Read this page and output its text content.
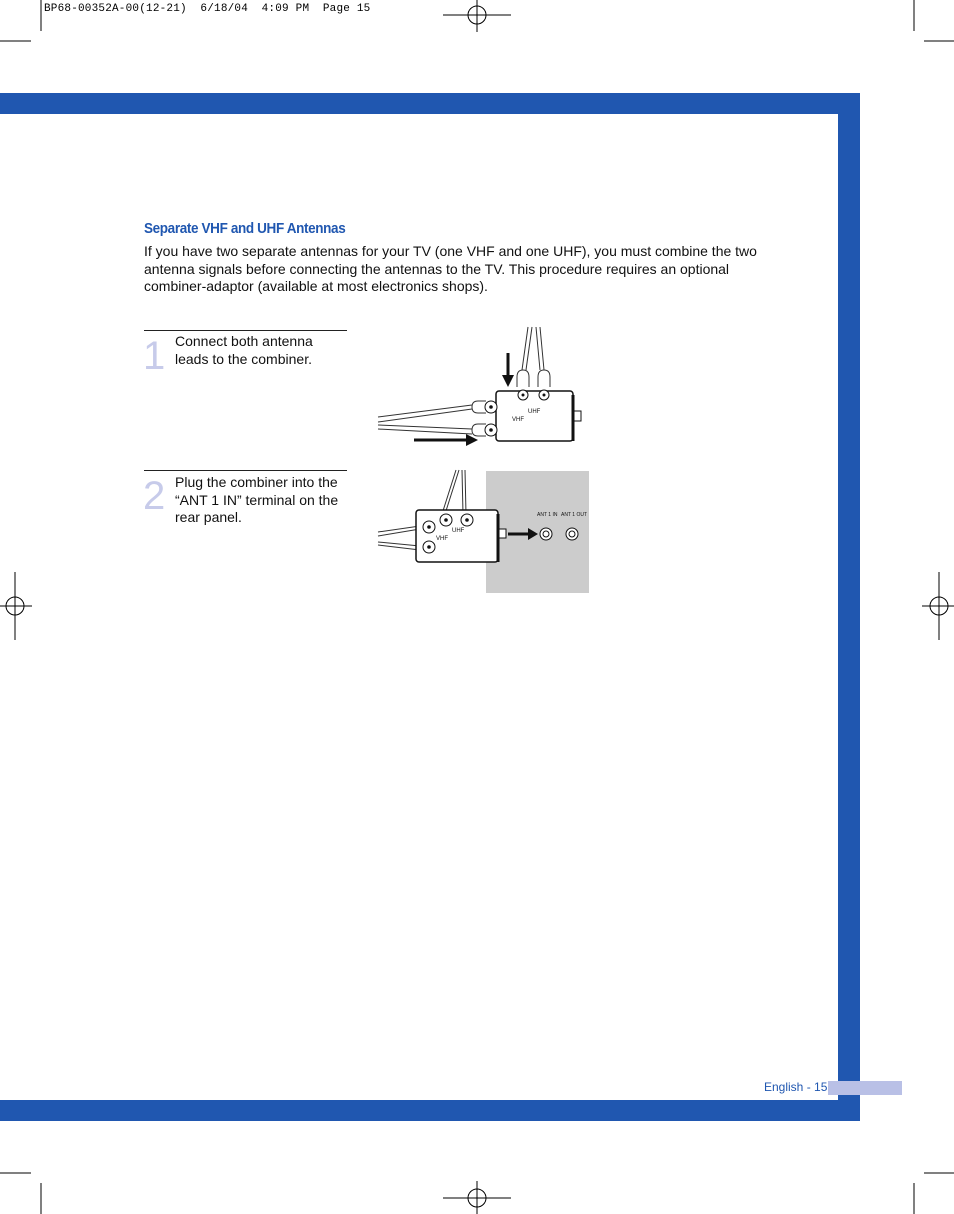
BP68-00352A-00(12-21)  6/18/04  4:09 PM  Page 15
Separate VHF and UHF Antennas
If you have two separate antennas for your TV (one VHF and one UHF), you must combine the two antenna signals before connecting the antennas to the TV. This procedure requires an optional combiner-adaptor (available at most electronics shops).
1 Connect both antenna leads to the combiner.
2 Plug the combiner into the “ANT 1 IN” terminal on the rear panel.
VHF
UHF
VHF
UHF
ANT 1 IN ANT 1 OUT
English - 15
